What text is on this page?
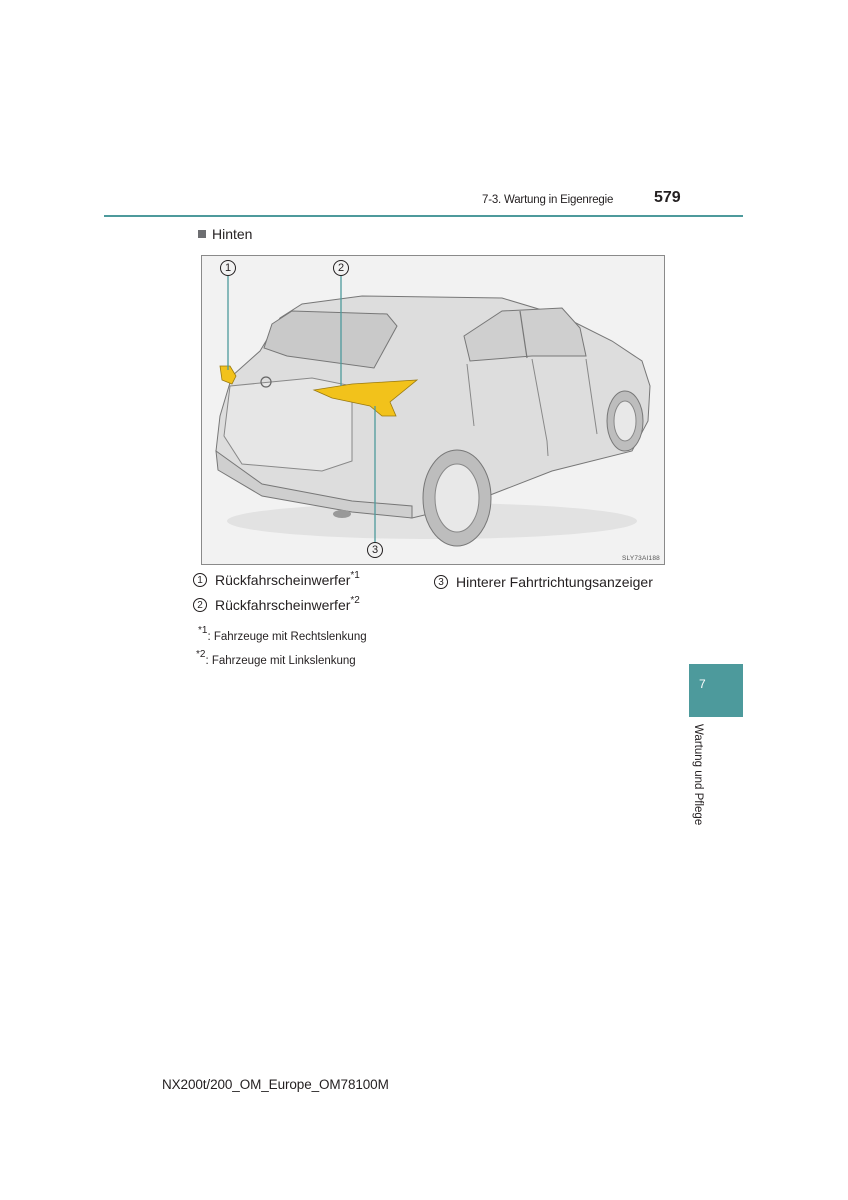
7-3. Wartung in Eigenregie	579
Hinten
1	2
3
SLY73AI188
1 Rückfahrscheinwerfer$^{*1}$
2 Rückfahrscheinwerfer$^{*2}$
3 Hinterer Fahrtrichtungsanzeiger
$^{*1}$: Fahrzeuge mit Rechtslenkung
$^{*2}$: Fahrzeuge mit Linkslenkung
7
Wartung und Pflege
NX200t/200_OM_Europe_OM78100M
